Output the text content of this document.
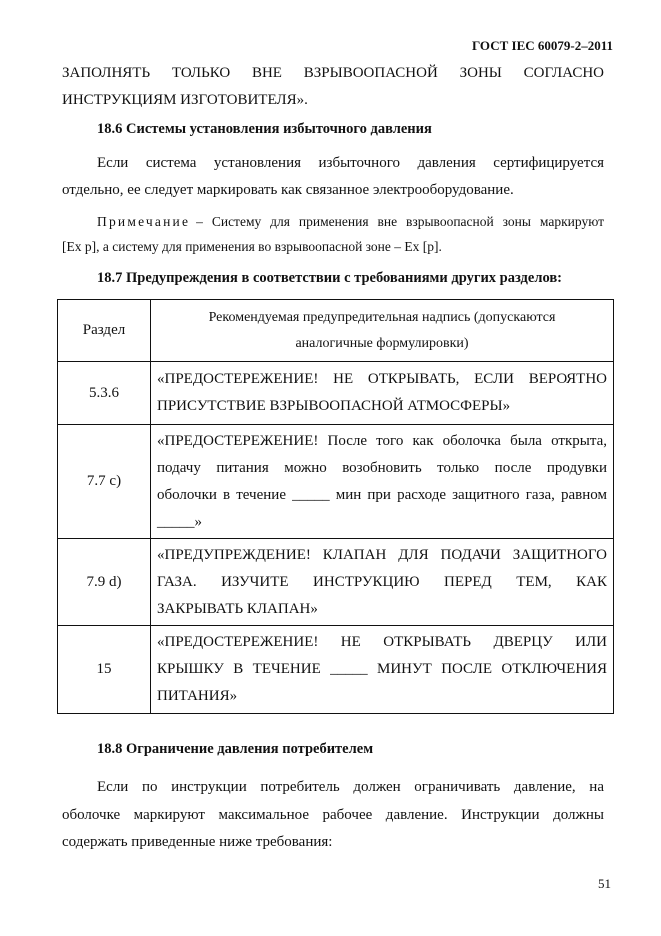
ГОСТ IEC 60079-2–2011
ЗАПОЛНЯТЬ ТОЛЬКО ВНЕ ВЗРЫВООПАСНОЙ ЗОНЫ СОГЛАСНО
ИНСТРУКЦИЯМ ИЗГОТОВИТЕЛЯ».
18.6 Системы установления избыточного давления
Если система установления избыточного давления сертифицируется
отдельно, ее следует маркировать как связанное электрооборудование.
Примечание – Систему для применения вне взрывоопасной зоны маркируют
[Ex p], а систему для применения во взрывоопасной зоне – Ex [p].
18.7 Предупреждения в соответствии с требованиями других разделов:
Раздел	Рекомендуемая предупредительная надпись (допускаются
аналогичные формулировки)

5.3.6	«ПРЕДОСТЕРЕЖЕНИЕ! НЕ ОТКРЫВАТЬ, ЕСЛИ ВЕРОЯТНО
ПРИСУТСТВИЕ ВЗРЫВООПАСНОЙ АТМОСФЕРЫ»

7.7 c)	«ПРЕДОСТЕРЕЖЕНИЕ! После того как оболочка была открыта,
подачу питания можно возобновить только после продувки
оболочки в течение _____ мин при расходе защитного газа, равном
_____»

7.9 d)	«ПРЕДУПРЕЖДЕНИЕ! КЛАПАН ДЛЯ ПОДАЧИ ЗАЩИТНОГО
ГАЗА. ИЗУЧИТЕ ИНСТРУКЦИЮ ПЕРЕД ТЕМ, КАК
ЗАКРЫВАТЬ КЛАПАН»

15	«ПРЕДОСТЕРЕЖЕНИЕ! НЕ ОТКРЫВАТЬ ДВЕРЦУ ИЛИ
КРЫШКУ В ТЕЧЕНИЕ _____ МИНУТ ПОСЛЕ ОТКЛЮЧЕНИЯ
ПИТАНИЯ»
18.8 Ограничение давления потребителем
Если по инструкции потребитель должен ограничивать давление, на
оболочке маркируют максимальное рабочее давление. Инструкции должны
содержать приведенные ниже требования:
51
